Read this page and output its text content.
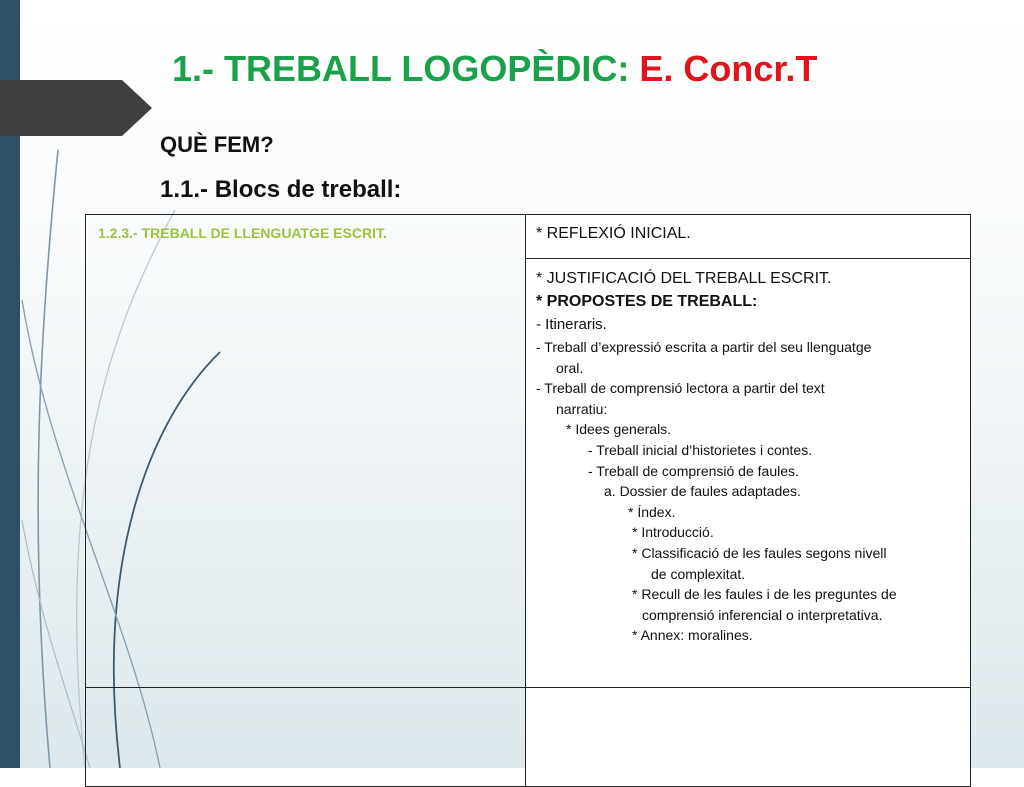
1.- TREBALL LOGOPÈDIC: E. Concr.T
QUÈ FEM?
1.1.- Blocs de treball:
1.2.3.- TREBALL DE LLENGUATGE ESCRIT.	* REFLEXIÓ INICIAL.
* JUSTIFICACIÓ DEL TREBALL ESCRIT.
* PROPOSTES DE TREBALL:
- Itineraris.
- Treball d’expressió escrita a partir del seu llenguatge
oral.
- Treball de comprensió lectora a partir del text
narratiu:
* Idees generals.
- Treball inicial d’historietes i contes.
- Treball de comprensió de faules.
a. Dossier de faules adaptades.
* Índex.
* Introducció.
* Classificació de les faules segons nivell
de complexitat.
* Recull de les faules i de les preguntes de
comprensió inferencial o interpretativa.
* Annex: moralines.
